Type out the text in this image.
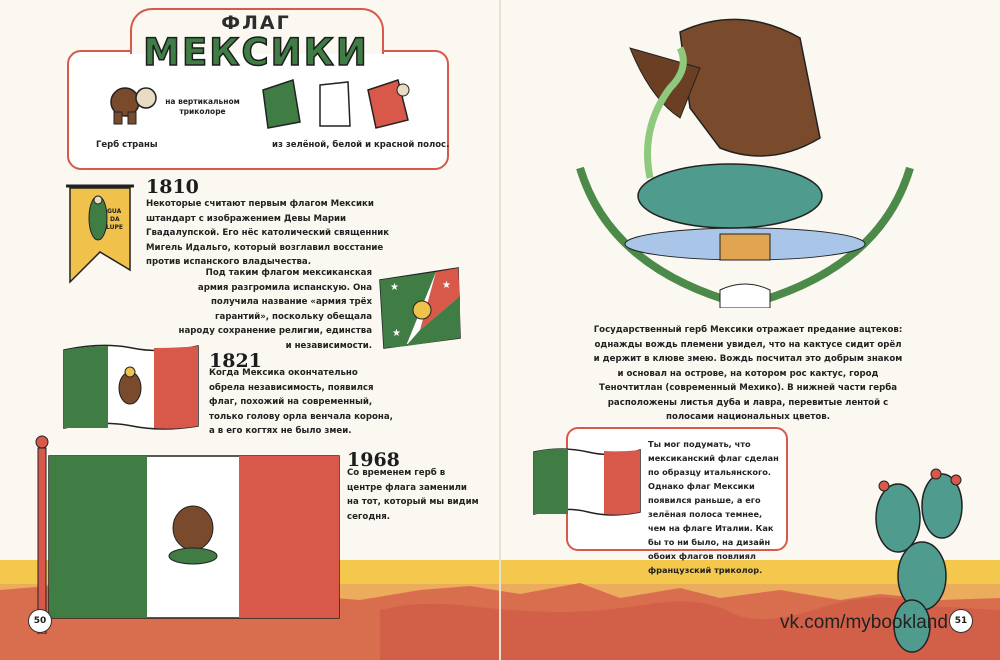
ФЛАГ
МЕКСИКИ
на вертикальном триколоре
Герб страны	из зелёной, белой и красной полос.
GUA
DA
LUPE
1810
Некоторые считают первым флагом Мексики штандарт с изображением Девы Марии Гвадалупской. Его нёс католический священник Мигель Идальго, который возглавил восстание против испанского владычества.
Под таким флагом мексиканская армия разгромила испанскую. Она получила название «армия трёх гарантий», поскольку обещала народу сохранение религии, единства и независимости.
★	★
★
1821
Когда Мексика окончательно обрела независимость, появился флаг, похожий на современный, только голову орла венчала корона, а в его когтях не было змеи.
1968
Со временем герб в центре флага заменили на тот, который мы видим сегодня.
Государственный герб Мексики отражает предание ацтеков: однажды вождь племени увидел, что на кактусе сидит орёл и держит в клюве змею. Вождь посчитал это добрым знаком и основал на острове, на котором рос кактус, город Теночтитлан (современный Мехико). В нижней части герба расположены листья дуба и лавра, перевитые лентой с полосами национальных цветов.
Ты мог подумать, что мексиканский флаг сделан по образцу итальянского. Однако флаг Мексики появился раньше, а его зелёная полоса темнее, чем на флаге Италии. Как бы то ни было, на дизайн обоих флагов повлиял французский триколор.
50	51
vk.com/mybookland
